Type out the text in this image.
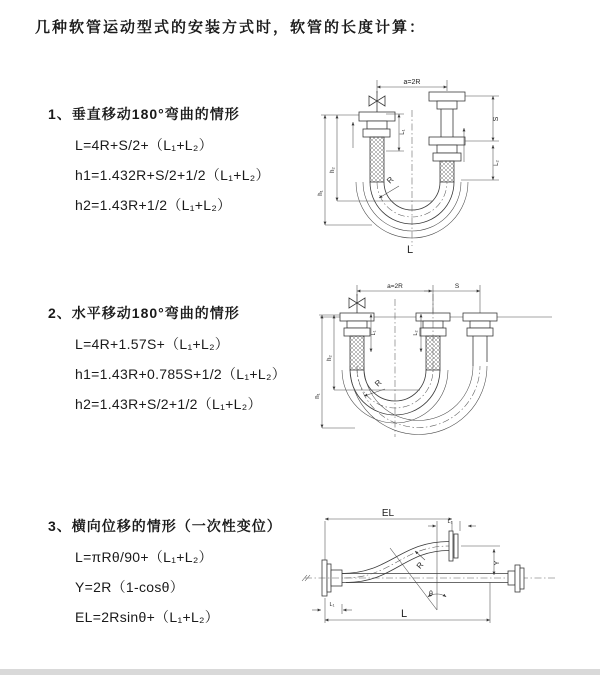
几种软管运动型式的安装方式时，软管的长度计算：
1、垂直移动180°弯曲的情形
L=4R+S/2+（L₁+L₂）
h1=1.432R+S/2+1/2（L₁+L₂）
h2=1.43R+1/2（L₁+L₂）
2、水平移动180°弯曲的情形
L=4R+1.57S+（L₁+L₂）
h1=1.43R+0.785S+1/2（L₁+L₂）
h2=1.43R+S/2+1/2（L₁+L₂）
3、横向位移的情形（一次性变位）
L=πRθ/90+（L₁+L₂）
Y=2R（1-cosθ）
EL=2Rsinθ+（L₁+L₂）
a=2R
L₁
S
L₂
h₁
h₂
R
L
a=2R	S
L₁	L₂
h₁
h₂
R
EL
L₁
Y
R
θ
L₁
L
